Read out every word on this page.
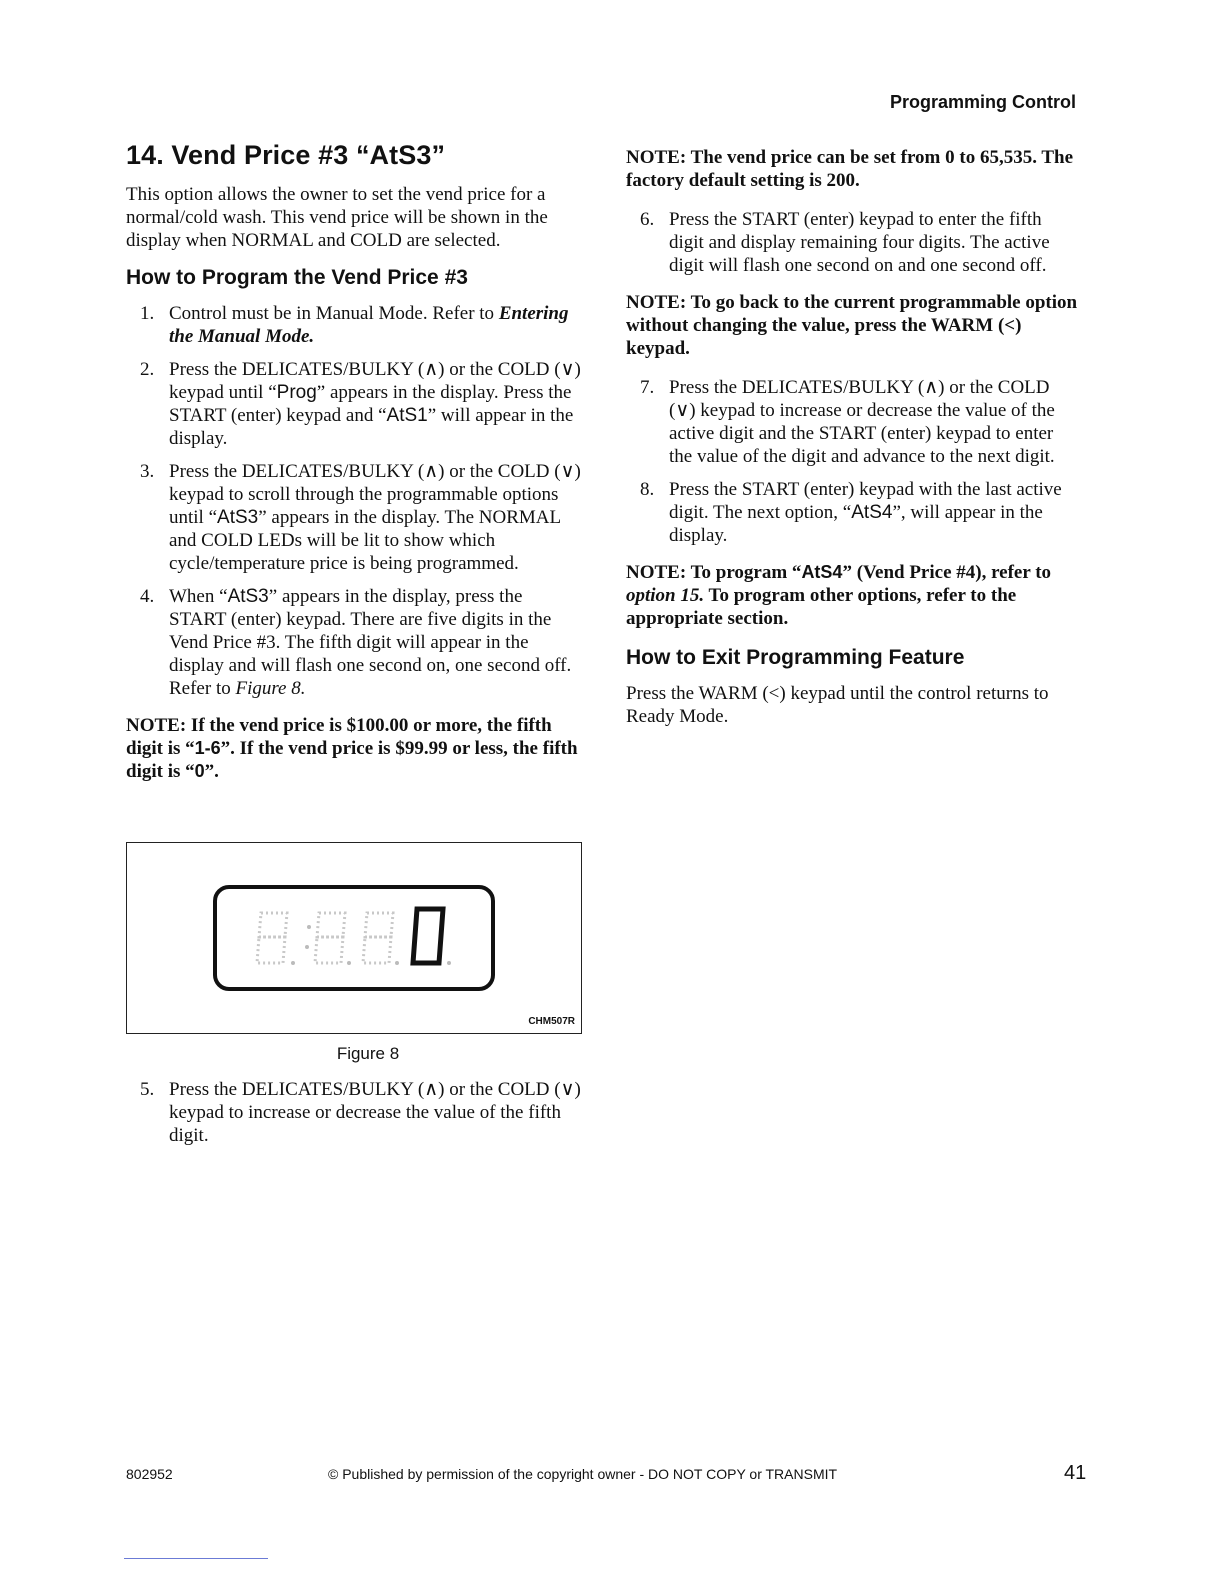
Programming Control
14. Vend Price #3 “AtS3”

This option allows the owner to set the vend price for a normal/cold wash. This vend price will be shown in the display when NORMAL and COLD are selected.

How to Program the Vend Price #3
1. Control must be in Manual Mode. Refer to Entering the Manual Mode.
2. Press the DELICATES/BULKY (∧) or the COLD (∨) keypad until “Prog” appears in the display. Press the START (enter) keypad and “AtS1” will appear in the display.
3. Press the DELICATES/BULKY (∧) or the COLD (∨) keypad to scroll through the programmable options until “AtS3” appears in the display. The NORMAL and COLD LEDs will be lit to show which cycle/temperature price is being programmed.
4. When “AtS3” appears in the display, press the START (enter) keypad. There are five digits in the Vend Price #3. The fifth digit will appear in the display and will flash one second on, one second off. Refer to Figure 8.
NOTE: If the vend price is $100.00 or more, the fifth digit is “1-6”. If the vend price is $99.99 or less, the fifth digit is “0”.
CHM507R
Figure 8
5. Press the DELICATES/BULKY (∧) or the COLD (∨) keypad to increase or decrease the value of the fifth digit.
NOTE: The vend price can be set from 0 to 65,535. The factory default setting is 200.
6. Press the START (enter) keypad to enter the fifth digit and display remaining four digits. The active digit will flash one second on and one second off.
NOTE: To go back to the current programmable option without changing the value, press the WARM (<) keypad.
7. Press the DELICATES/BULKY (∧) or the COLD (∨) keypad to increase or decrease the value of the active digit and the START (enter) keypad to enter the value of the digit and advance to the next digit.
8. Press the START (enter) keypad with the last active digit. The next option, “AtS4”, will appear in the display.
NOTE: To program “AtS4” (Vend Price #4), refer to option 15. To program other options, refer to the appropriate section.
How to Exit Programming Feature

Press the WARM (<) keypad until the control returns to Ready Mode.

802952	© Published by permission of the copyright owner - DO NOT COPY or TRANSMIT	41
